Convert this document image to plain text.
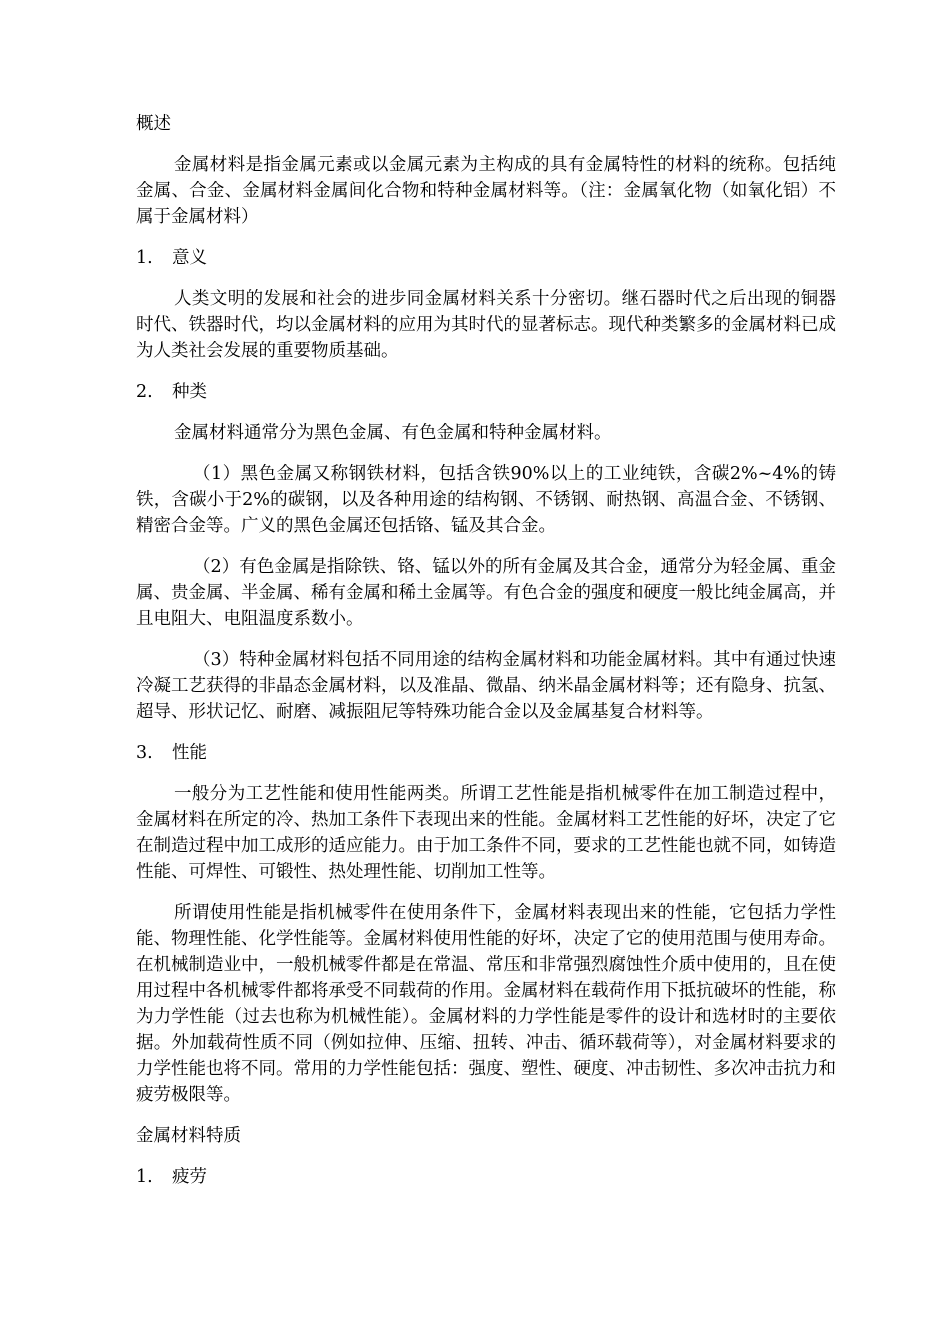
概述

金属材料是指金属元素或以金属元素为主构成的具有金属特性的材料的统称。包括纯金属、合金、金属材料金属间化合物和特种金属材料等。（注：金属氧化物（如氧化铝）不属于金属材料）

1. 意义

人类文明的发展和社会的进步同金属材料关系十分密切。继石器时代之后出现的铜器时代、铁器时代，均以金属材料的应用为其时代的显著标志。现代种类繁多的金属材料已成为人类社会发展的重要物质基础。

2. 种类

金属材料通常分为黑色金属、有色金属和特种金属材料。

（1）黑色金属又称钢铁材料，包括含铁90%以上的工业纯铁，含碳2%~4%的铸铁，含碳小于2%的碳钢，以及各种用途的结构钢、不锈钢、耐热钢、高温合金、不锈钢、精密合金等。广义的黑色金属还包括铬、锰及其合金。

（2）有色金属是指除铁、铬、锰以外的所有金属及其合金，通常分为轻金属、重金属、贵金属、半金属、稀有金属和稀土金属等。有色合金的强度和硬度一般比纯金属高，并且电阻大、电阻温度系数小。

（3）特种金属材料包括不同用途的结构金属材料和功能金属材料。其中有通过快速冷凝工艺获得的非晶态金属材料，以及准晶、微晶、纳米晶金属材料等；还有隐身、抗氢、超导、形状记忆、耐磨、减振阻尼等特殊功能合金以及金属基复合材料等。

3. 性能

一般分为工艺性能和使用性能两类。所谓工艺性能是指机械零件在加工制造过程中，金属材料在所定的冷、热加工条件下表现出来的性能。金属材料工艺性能的好坏，决定了它在制造过程中加工成形的适应能力。由于加工条件不同，要求的工艺性能也就不同，如铸造性能、可焊性、可锻性、热处理性能、切削加工性等。

所谓使用性能是指机械零件在使用条件下，金属材料表现出来的性能，它包括力学性能、物理性能、化学性能等。金属材料使用性能的好坏，决定了它的使用范围与使用寿命。在机械制造业中，一般机械零件都是在常温、常压和非常强烈腐蚀性介质中使用的，且在使用过程中各机械零件都将承受不同载荷的作用。金属材料在载荷作用下抵抗破坏的性能，称为力学性能（过去也称为机械性能）。金属材料的力学性能是零件的设计和选材时的主要依据。外加载荷性质不同（例如拉伸、压缩、扭转、冲击、循环载荷等），对金属材料要求的力学性能也将不同。常用的力学性能包括：强度、塑性、硬度、冲击韧性、多次冲击抗力和疲劳极限等。

金属材料特质

1. 疲劳
